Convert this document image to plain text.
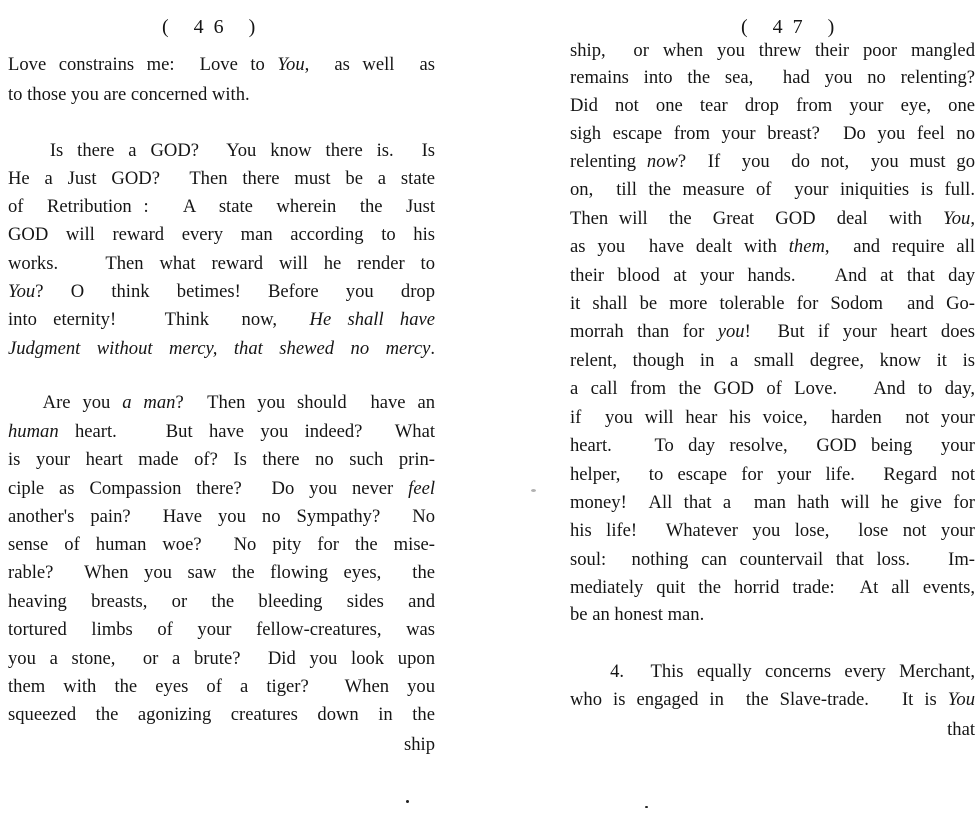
( 46 )
Love constrains me:  Love to You,  as well  as
to those you are concerned with.
Is there a GOD?  You know there is.  Is
He a Just GOD?  Then there must be a state
of  Retribution :   A  state  wherein  the  Just
GOD will reward every man according to his
works.   Then what reward will he render to
You?  O  think  betimes!  Before  you  drop
into eternity!   Think  now,  He shall have
Judgment without mercy, that shewed no mercy.
Are you a man?  Then you should  have an
human heart.   But have you indeed?  What
is your heart made of? Is there no such prin-
ciple as Compassion there?  Do you never feel
another's pain?  Have you no Sympathy?  No
sense of human woe?  No pity for the mise-
rable?  When you saw the flowing eyes,  the
heaving  breasts,  or  the  bleeding  sides  and
tortured limbs of your fellow-creatures, was
you a stone,  or a brute?  Did you look upon
them with the eyes of a tiger?  When you
squeezed the agonizing creatures down in the
ship
( 47 )
ship,  or when you threw their poor mangled
remains into the sea,  had you no relenting?
Did  not  one  tear  drop  from  your  eye,  one
sigh escape from your breast?  Do you feel no
relenting now?  If  you  do not,  you must go
on,  till the measure of  your iniquities is full.
Then will  the  Great  GOD  deal  with  You,
as you  have dealt with them,  and require all
their blood at your hands.   And at that day
it shall be more tolerable for Sodom  and Go-
morrah than for you!  But if your heart does
relent, though in a small degree, know it is
a call from the GOD of Love.   And to day,
if  you will hear his voice,  harden  not your
heart.   To day resolve,  GOD being  your
helper,  to escape for your life.  Regard not
money!  All that a  man hath will he give for
his life!  Whatever you lose,  lose not your
soul:  nothing can countervail that loss.   Im-
mediately quit the horrid trade:  At all events,
be an honest man.
4.  This equally concerns every Merchant,
who is engaged in  the Slave-trade.   It is You
that
